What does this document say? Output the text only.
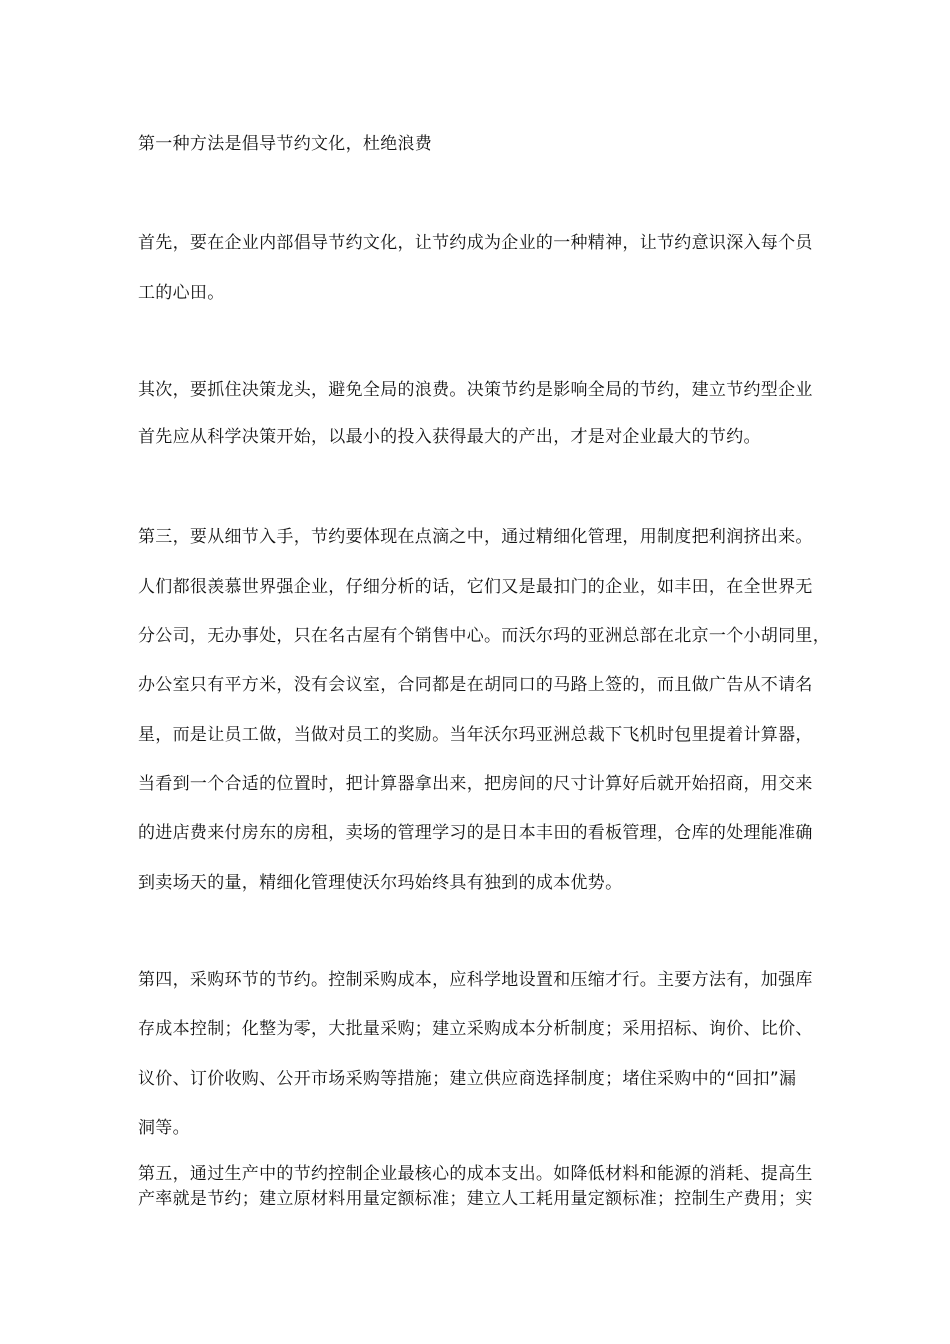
第一种方法是倡导节约文化，杜绝浪费
首先，要在企业内部倡导节约文化，让节约成为企业的一种精神，让节约意识深入每个员
工的心田。
其次，要抓住决策龙头，避免全局的浪费。决策节约是影响全局的节约，建立节约型企业
首先应从科学决策开始，以最小的投入获得最大的产出，才是对企业最大的节约。
第三，要从细节入手，节约要体现在点滴之中，通过精细化管理，用制度把利润挤出来。
人们都很羡慕世界强企业，仔细分析的话，它们又是最扣门的企业，如丰田，在全世界无
分公司，无办事处，只在名古屋有个销售中心。而沃尔玛的亚洲总部在北京一个小胡同里，
办公室只有平方米，没有会议室，合同都是在胡同口的马路上签的，而且做广告从不请名
星，而是让员工做，当做对员工的奖励。当年沃尔玛亚洲总裁下飞机时包里提着计算器，
当看到一个合适的位置时，把计算器拿出来，把房间的尺寸计算好后就开始招商，用交来
的进店费来付房东的房租，卖场的管理学习的是日本丰田的看板管理，仓库的处理能准确
到卖场天的量，精细化管理使沃尔玛始终具有独到的成本优势。
第四，采购环节的节约。控制采购成本，应科学地设置和压缩才行。主要方法有，加强库
存成本控制；化整为零，大批量采购；建立采购成本分析制度；采用招标、询价、比价、
议价、订价收购、公开市场采购等措施；建立供应商选择制度；堵住采购中的“回扣”漏
洞等。
第五，通过生产中的节约控制企业最核心的成本支出。如降低材料和能源的消耗、提高生
产率就是节约；建立原材料用量定额标准；建立人工耗用量定额标准；控制生产费用；实
